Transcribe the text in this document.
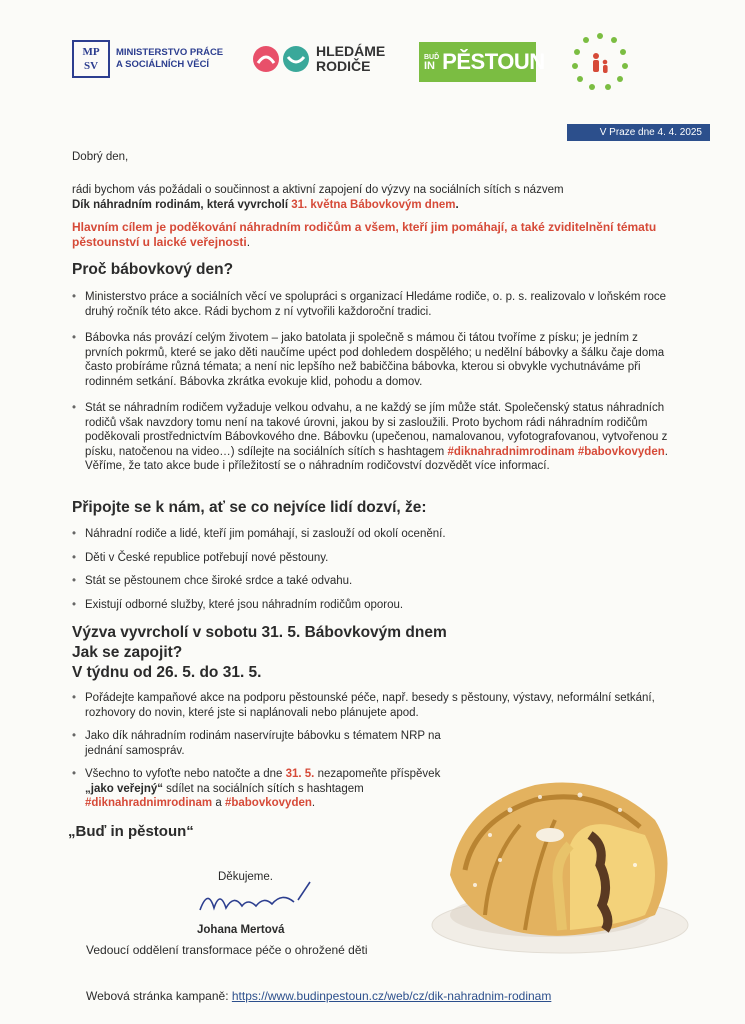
MP
SV
MINISTERSTVO PRÁCE
A SOCIÁLNÍCH VĚCÍ
HLEDÁME
RODIČE
BUĎ
IN PĚSTOUN
V Praze dne 4. 4. 2025
Dobrý den,
rádi bychom vás požádali o součinnost a aktivní zapojení do výzvy na sociálních sítích s názvem
Dík náhradním rodinám, která vyvrcholí 31. května Bábovkovým dnem.
Hlavním cílem je poděkování náhradním rodičům a všem, kteří jim pomáhají, a také zviditelnění tématu pěstounství u laické veřejnosti.
Proč bábovkový den?
• Ministerstvo práce a sociálních věcí ve spolupráci s organizací Hledáme rodiče, o. p. s. realizovalo v loňském roce druhý ročník této akce. Rádi bychom z ní vytvořili každoroční tradici.
• Bábovka nás provází celým životem – jako batolata ji společně s mámou či tátou tvoříme z písku; je jedním z prvních pokrmů, které se jako děti naučíme upéct pod dohledem dospělého; u nedělní bábovky a šálku čaje doma často probíráme různá témata; a není nic lepšího než babiččina bábovka, kterou si obvykle vychutnáváme při rodinném setkání. Bábovka zkrátka evokuje klid, pohodu a domov.
• Stát se náhradním rodičem vyžaduje velkou odvahu, a ne každý se jím může stát. Společenský status náhradních rodičů však navzdory tomu není na takové úrovni, jakou by si zasloužili. Proto bychom rádi náhradním rodičům poděkovali prostřednictvím Bábovkového dne. Bábovku (upečenou, namalovanou, vyfotografovanou, vytvořenou z písku, natočenou na video…) sdílejte na sociálních sítích s hashtagem #diknahradnimrodinam #babovkovyden. Věříme, že tato akce bude i příležitostí se o náhradním rodičovství dozvědět více informací.
Připojte se k nám, ať se co nejvíce lidí dozví, že:
• Náhradní rodiče a lidé, kteří jim pomáhají, si zaslouží od okolí ocenění.
• Děti v České republice potřebují nové pěstouny.
• Stát se pěstounem chce široké srdce a také odvahu.
• Existují odborné služby, které jsou náhradním rodičům oporou.
Výzva vyvrcholí v sobotu 31. 5. Bábovkovým dnem
Jak se zapojit?
V týdnu od 26. 5. do 31. 5.
• Pořádejte kampaňové akce na podporu pěstounské péče, např. besedy s pěstouny, výstavy, neformální setkání, rozhovory do novin, které jste si naplánovali nebo plánujete apod.
• Jako dík náhradním rodinám naservírujte bábovku s tématem NRP na jednání samospráv.
• Všechno to vyfoťte nebo natočte a dne 31. 5. nezapomeňte příspěvek „jako veřejný“ sdílet na sociálních sítích s hashtagem #diknahradnimrodinam a #babovkovyden.
„Buď in pěstoun“
Děkujeme.
Johana Mertová
Vedoucí oddělení transformace péče o ohrožené děti
Webová stránka kampaně: https://www.budinpestoun.cz/web/cz/dik-nahradnim-rodinam
